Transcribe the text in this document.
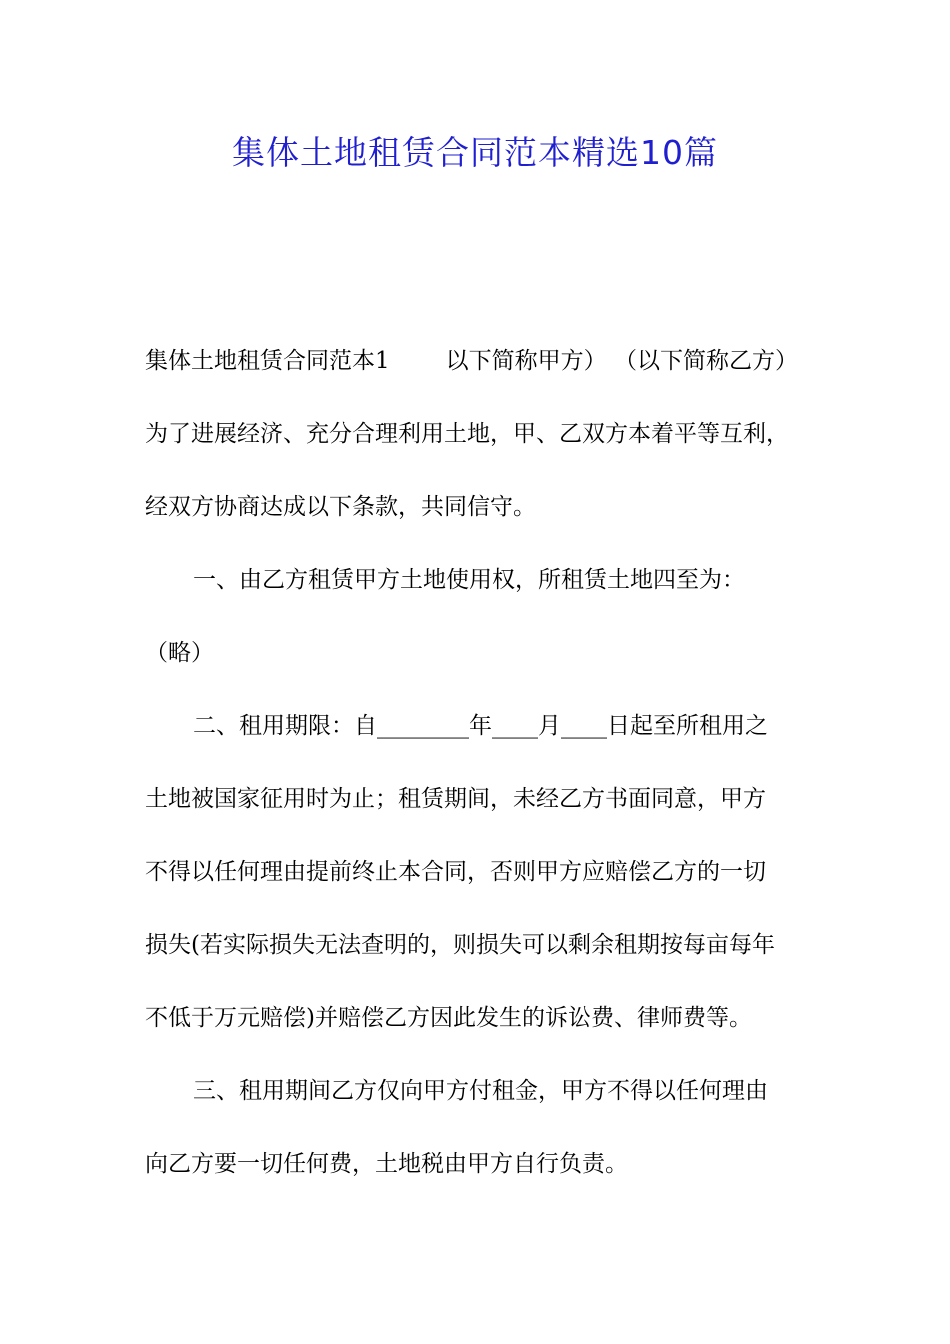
集体土地租赁合同范本精选10篇
集体土地租赁合同范本1 以下简称甲方） （以下简称乙方）
为了进展经济、充分合理利用土地，甲、乙双方本着平等互利，
经双方协商达成以下条款，共同信守。
一、由乙方租赁甲方土地使用权，所租赁土地四至为：
（略）
二、租用期限：自________年____月____日起至所租用之
土地被国家征用时为止；租赁期间，未经乙方书面同意，甲方
不得以任何理由提前终止本合同，否则甲方应赔偿乙方的一切
损失(若实际损失无法查明的，则损失可以剩余租期按每亩每年
不低于万元赔偿)并赔偿乙方因此发生的诉讼费、律师费等。
三、租用期间乙方仅向甲方付租金，甲方不得以任何理由
向乙方要一切任何费，土地税由甲方自行负责。
